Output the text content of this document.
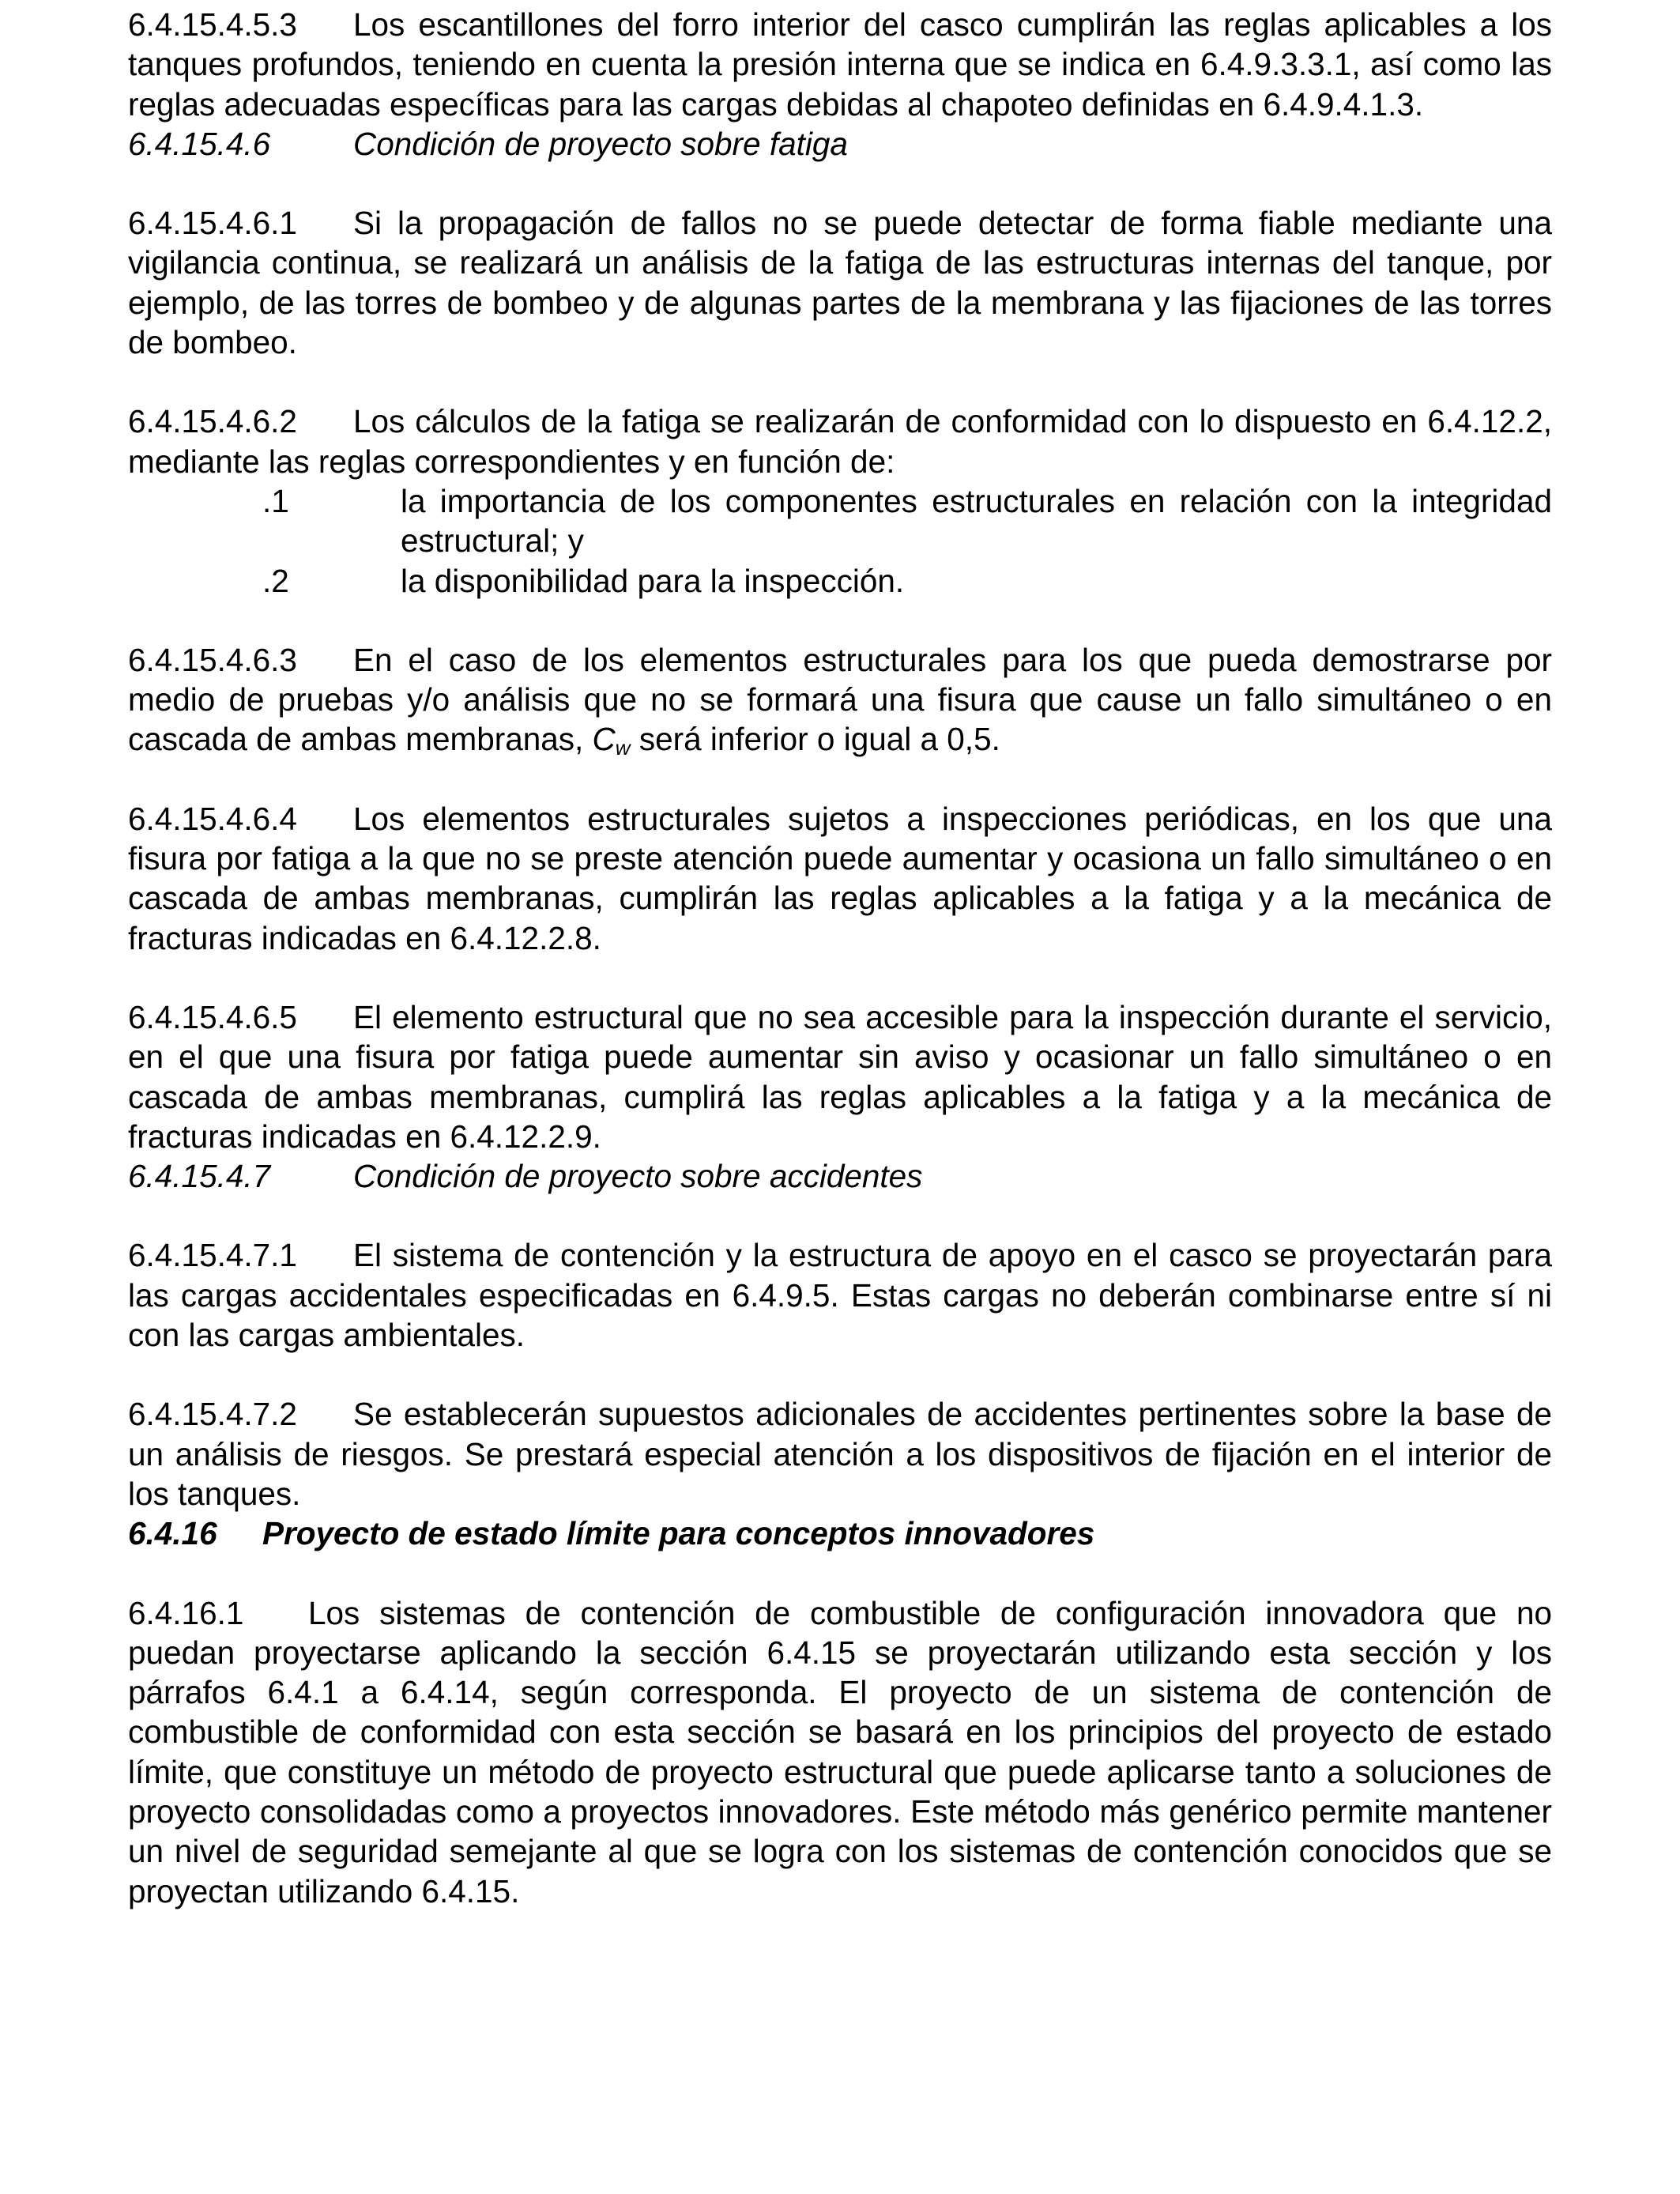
6.4.15.4.5.3 Los escantillones del forro interior del casco cumplirán las reglas aplicables a los tanques profundos, teniendo en cuenta la presión interna que se indica en 6.4.9.3.3.1, así como las reglas adecuadas específicas para las cargas debidas al chapoteo definidas en 6.4.9.4.1.3.

6.4.15.4.6	Condición de proyecto sobre fatiga

6.4.15.4.6.1 Si la propagación de fallos no se puede detectar de forma fiable mediante una vigilancia continua, se realizará un análisis de la fatiga de las estructuras internas del tanque, por ejemplo, de las torres de bombeo y de algunas partes de la membrana y las fijaciones de las torres de bombeo.

6.4.15.4.6.2 Los cálculos de la fatiga se realizarán de conformidad con lo dispuesto en 6.4.12.2, mediante las reglas correspondientes y en función de:

.1	la importancia de los componentes estructurales en relación con la integridad estructural; y
.2	la disponibilidad para la inspección.

6.4.15.4.6.3 En el caso de los elementos estructurales para los que pueda demostrarse por medio de pruebas y/o análisis que no se formará una fisura que cause un fallo simultáneo o en cascada de ambas membranas, $C_w$ será inferior o igual a 0,5.

6.4.15.4.6.4 Los elementos estructurales sujetos a inspecciones periódicas, en los que una fisura por fatiga a la que no se preste atención puede aumentar y ocasiona un fallo simultáneo o en cascada de ambas membranas, cumplirán las reglas aplicables a la fatiga y a la mecánica de fracturas indicadas en 6.4.12.2.8.

6.4.15.4.6.5 El elemento estructural que no sea accesible para la inspección durante el servicio, en el que una fisura por fatiga puede aumentar sin aviso y ocasionar un fallo simultáneo o en cascada de ambas membranas, cumplirá las reglas aplicables a la fatiga y a la mecánica de fracturas indicadas en 6.4.12.2.9.

6.4.15.4.7	Condición de proyecto sobre accidentes

6.4.15.4.7.1 El sistema de contención y la estructura de apoyo en el casco se proyectarán para las cargas accidentales especificadas en 6.4.9.5. Estas cargas no deberán combinarse entre sí ni con las cargas ambientales.

6.4.15.4.7.2 Se establecerán supuestos adicionales de accidentes pertinentes sobre la base de un análisis de riesgos. Se prestará especial atención a los dispositivos de fijación en el interior de los tanques.

6.4.16 Proyecto de estado límite para conceptos innovadores

6.4.16.1 Los sistemas de contención de combustible de configuración innovadora que no puedan proyectarse aplicando la sección 6.4.15 se proyectarán utilizando esta sección y los párrafos 6.4.1 a 6.4.14, según corresponda. El proyecto de un sistema de contención de combustible de conformidad con esta sección se basará en los principios del proyecto de estado límite, que constituye un método de proyecto estructural que puede aplicarse tanto a soluciones de proyecto consolidadas como a proyectos innovadores. Este método más genérico permite mantener un nivel de seguridad semejante al que se logra con los sistemas de contención conocidos que se proyectan utilizando 6.4.15.
